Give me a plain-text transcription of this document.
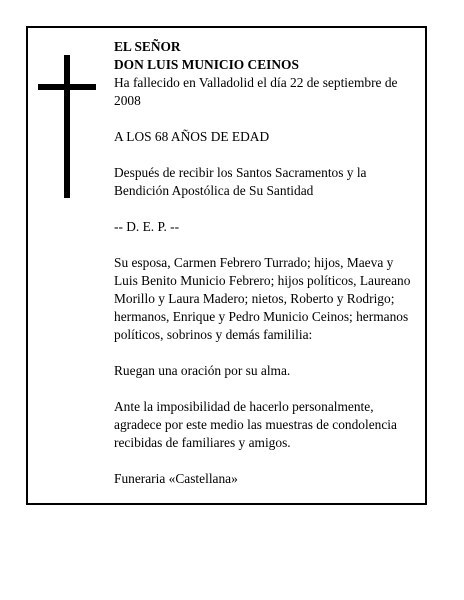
EL SEÑOR

DON LUIS MUNICIO CEINOS

Ha fallecido en Valladolid el día 22 de septiembre de 2008

A LOS 68 AÑOS DE EDAD

Después de recibir los Santos Sacramentos y la Bendición Apostólica de Su Santidad

-- D. E. P. --

Su esposa, Carmen Febrero Turrado; hijos, Maeva y Luis Benito Municio Febrero; hijos políticos, Laureano Morillo y Laura Madero; nietos, Roberto y Rodrigo; hermanos, Enrique y Pedro Municio Ceinos; hermanos políticos, sobrinos y demás famililia:

Ruegan una oración por su alma.

Ante la imposibilidad de hacerlo personalmente, agradece por este medio las muestras de condolencia recibidas de familiares y amigos.

Funeraria «Castellana»
